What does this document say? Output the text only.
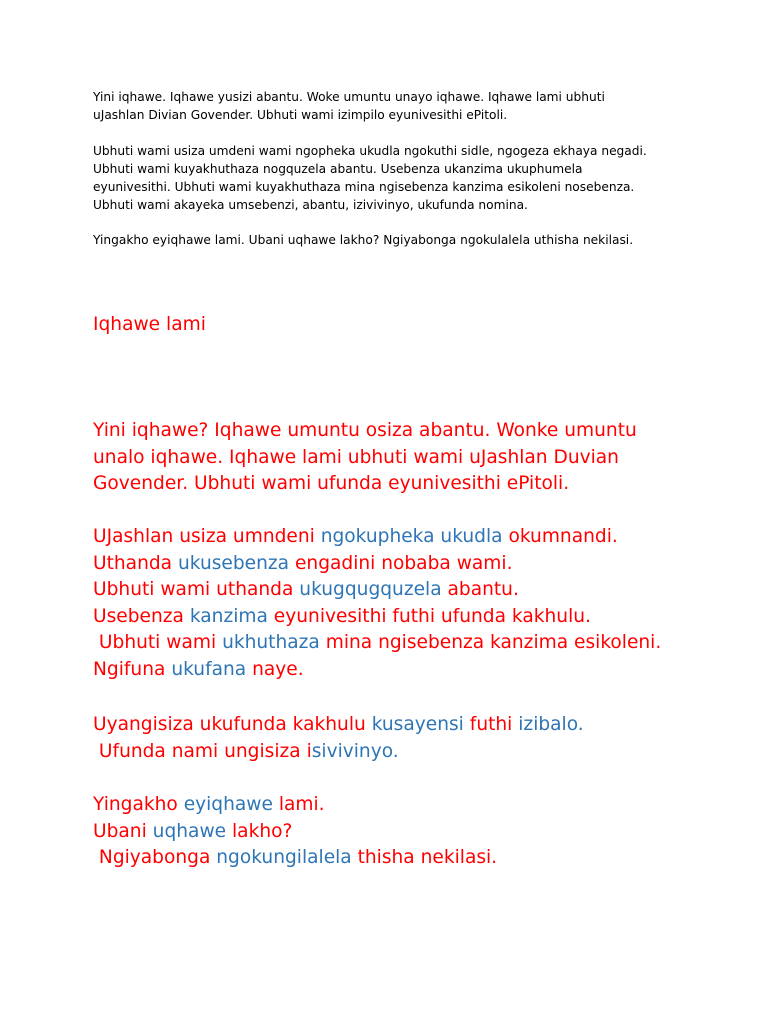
Yini iqhawe. Iqhawe yusizi abantu. Woke umuntu unayo iqhawe. Iqhawe lami ubhuti

uJashlan Divian Govender. Ubhuti wami izimpilo eyunivesithi ePitoli.

Ubhuti wami usiza umdeni wami ngopheka ukudla ngokuthi sidle, ngogeza ekhaya negadi.

Ubhuti wami kuyakhuthaza nogquzela abantu. Usebenza ukanzima ukuphumela

eyunivesithi. Ubhuti wami kuyakhuthaza mina ngisebenza kanzima esikoleni nosebenza.

Ubhuti wami akayeka umsebenzi, abantu, izivivinyo, ukufunda nomina.

Yingakho eyiqhawe lami. Ubani uqhawe lakho? Ngiyabonga ngokulalela uthisha nekilasi.

Iqhawe lami

Yini iqhawe? Iqhawe umuntu osiza abantu. Wonke umuntu

unalo iqhawe. Iqhawe lami ubhuti wami uJashlan Duvian

Govender. Ubhuti wami ufunda eyunivesithi ePitoli.

UJashlan usiza umndeni ngokupheka ukudla okumnandi.

Uthanda ukusebenza engadini nobaba wami.

Ubhuti wami uthanda ukugqugquzela abantu.

Usebenza kanzima eyunivesithi futhi ufunda kakhulu.

Ubhuti wami ukhuthaza mina ngisebenza kanzima esikoleni.

Ngifuna ukufana naye.

Uyangisiza ukufunda kakhulu kusayensi futhi izibalo.

Ufunda nami ungisiza isivivinyo.

Yingakho eyiqhawe lami.

Ubani uqhawe lakho?

Ngiyabonga ngokungilalela thisha nekilasi.
